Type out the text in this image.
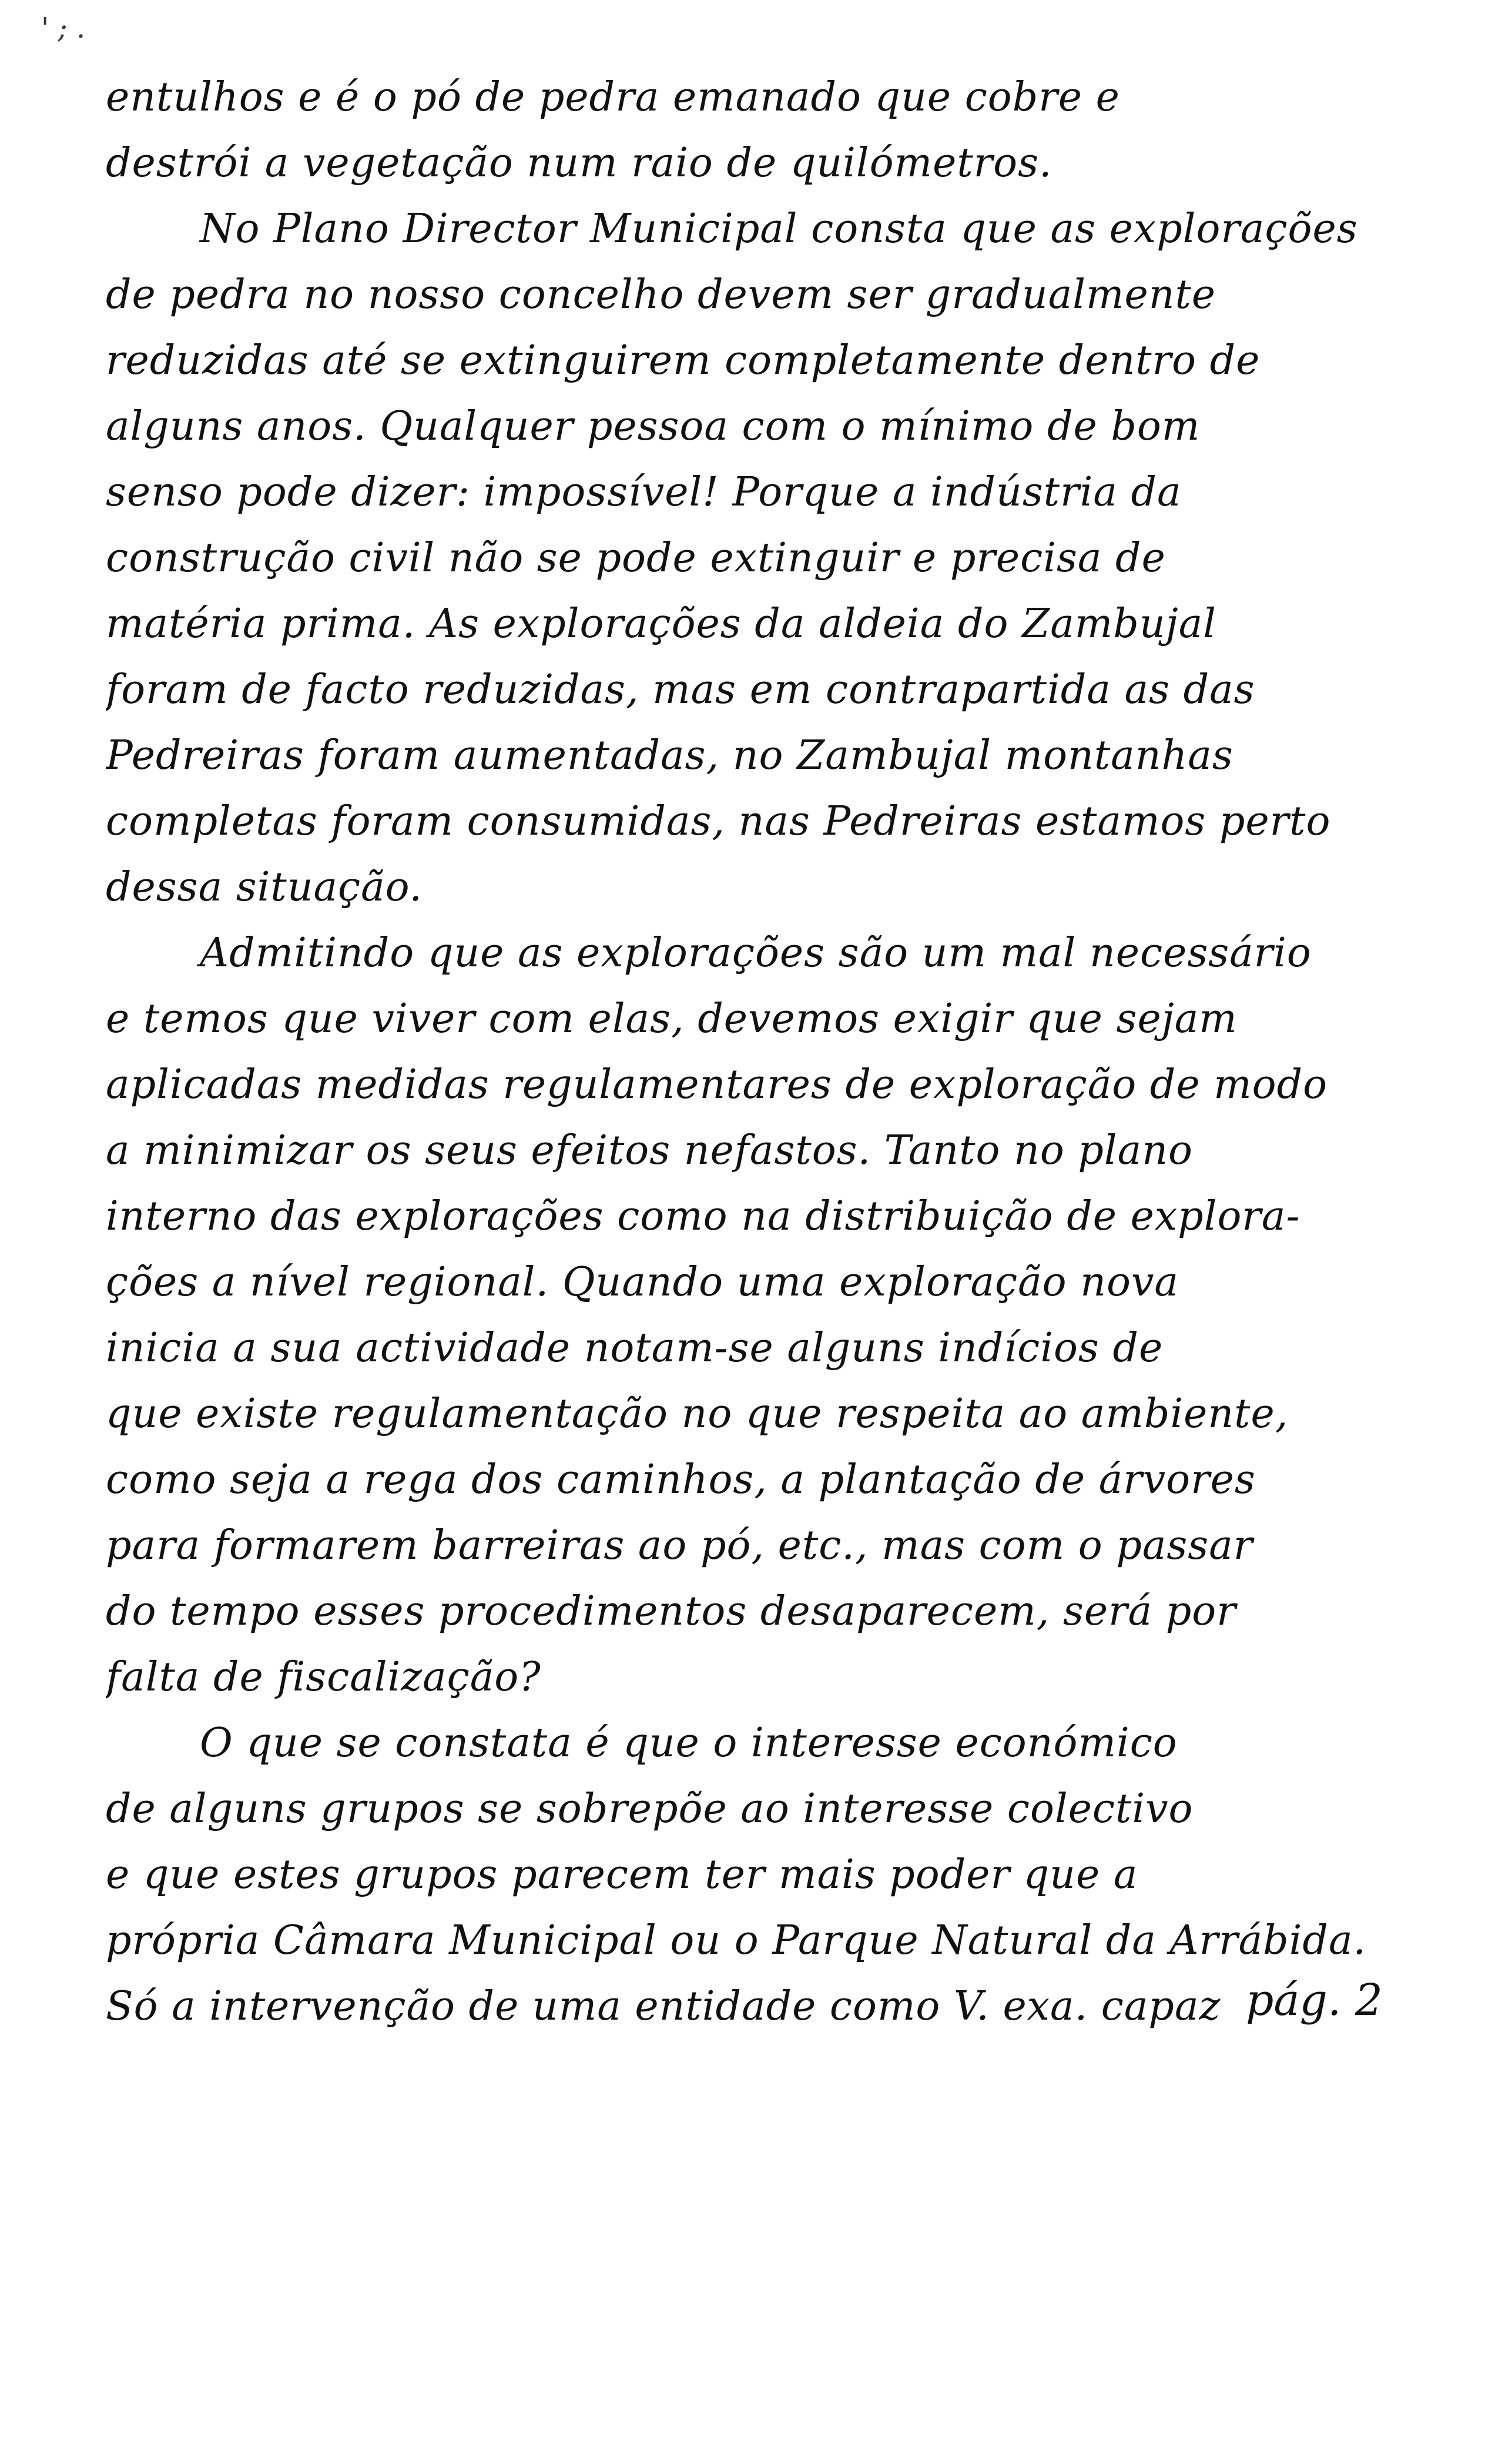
' ; .
entulhos e é o pó de pedra emanado que cobre e
destrói a vegetação num raio de quilómetros.
No Plano Director Municipal consta que as explorações
de pedra no nosso concelho devem ser gradualmente
reduzidas até se extinguirem completamente dentro de
alguns anos. Qualquer pessoa com o mínimo de bom
senso pode dizer: impossível! Porque a indústria da
construção civil não se pode extinguir e precisa de
matéria prima. As explorações da aldeia do Zambujal
foram de facto reduzidas, mas em contrapartida as das
Pedreiras foram aumentadas, no Zambujal montanhas
completas foram consumidas, nas Pedreiras estamos perto
dessa situação.
Admitindo que as explorações são um mal necessário
e temos que viver com elas, devemos exigir que sejam
aplicadas medidas regulamentares de exploração de modo
a minimizar os seus efeitos nefastos. Tanto no plano
interno das explorações como na distribuição de explora-
ções a nível regional. Quando uma exploração nova
inicia a sua actividade notam-se alguns indícios de
que existe regulamentação no que respeita ao ambiente,
como seja a rega dos caminhos, a plantação de árvores
para formarem barreiras ao pó, etc., mas com o passar
do tempo esses procedimentos desaparecem, será por
falta de fiscalização?
O que se constata é que o interesse económico
de alguns grupos se sobrepõe ao interesse colectivo
e que estes grupos parecem ter mais poder que a
própria Câmara Municipal ou o Parque Natural da Arrábida.
Só a intervenção de uma entidade como V. exa. capaz pág. 2
